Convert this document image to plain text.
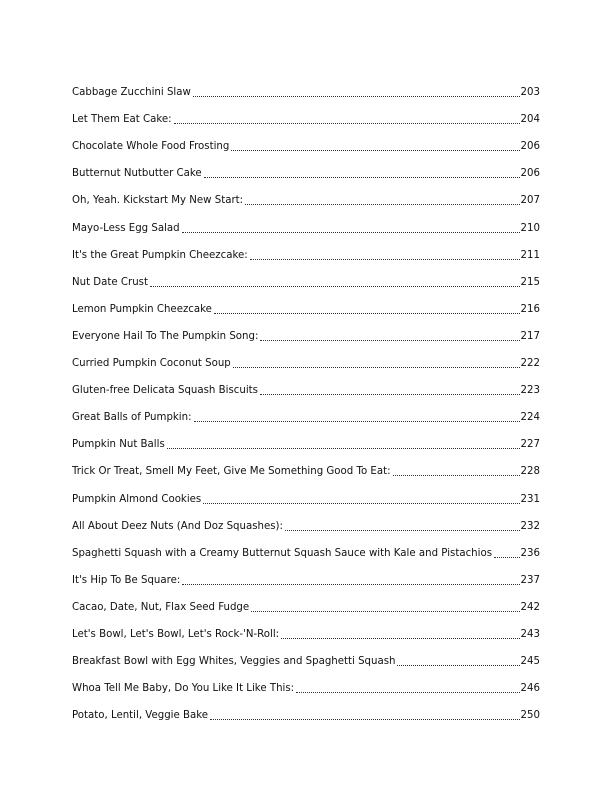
Cabbage Zucchini Slaw	203
Let Them Eat Cake:	204
Chocolate Whole Food Frosting	206
Butternut Nutbutter Cake	206
Oh, Yeah. Kickstart My New Start:	207
Mayo-Less Egg Salad	210
It's the Great Pumpkin Cheezcake:	211
Nut Date Crust	215
Lemon Pumpkin Cheezcake	216
Everyone Hail To The Pumpkin Song:	217
Curried Pumpkin Coconut Soup	222
Gluten-free Delicata Squash Biscuits	223
Great Balls of Pumpkin:	224
Pumpkin Nut Balls	227
Trick Or Treat, Smell My Feet, Give Me Something Good To Eat:	228
Pumpkin Almond Cookies	231
All About Deez Nuts (And Doz Squashes):	232
Spaghetti Squash with a Creamy Butternut Squash Sauce with Kale and Pistachios	236
It's Hip To Be Square:	237
Cacao, Date, Nut, Flax Seed Fudge	242
Let's Bowl, Let's Bowl, Let's Rock-'N-Roll:	243
Breakfast Bowl with Egg Whites, Veggies and Spaghetti Squash	245
Whoa Tell Me Baby, Do You Like It Like This:	246
Potato, Lentil, Veggie Bake	250
